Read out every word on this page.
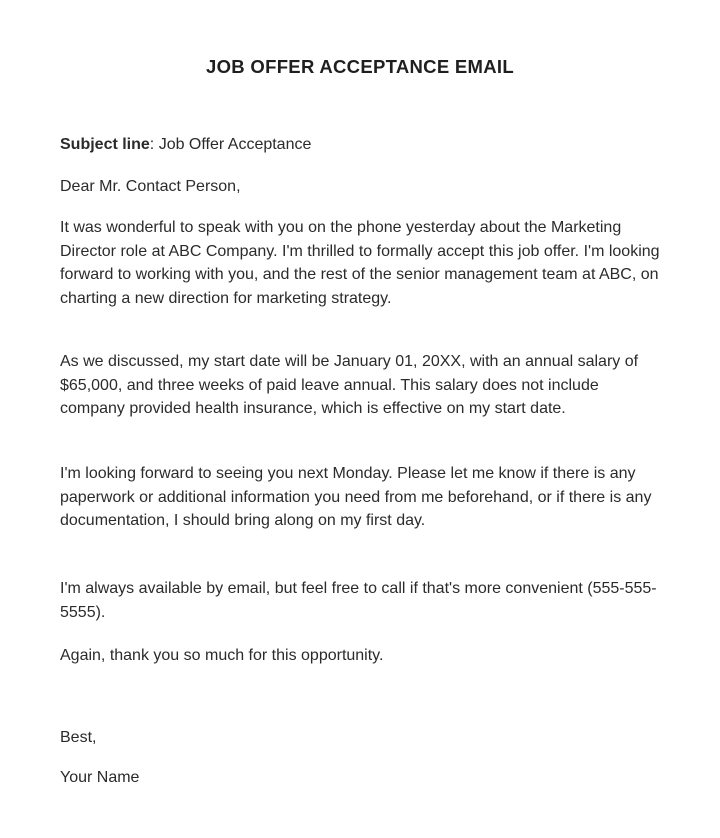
JOB OFFER ACCEPTANCE EMAIL
Subject line: Job Offer Acceptance
Dear Mr. Contact Person,

It was wonderful to speak with you on the phone yesterday about the Marketing Director role at ABC Company. I'm thrilled to formally accept this job offer. I'm looking forward to working with you, and the rest of the senior management team at ABC, on charting a new direction for marketing strategy.

As we discussed, my start date will be January 01, 20XX, with an annual salary of $65,000, and three weeks of paid leave annual. This salary does not include company provided health insurance, which is effective on my start date.

I'm looking forward to seeing you next Monday. Please let me know if there is any paperwork or additional information you need from me beforehand, or if there is any documentation, I should bring along on my first day.

I'm always available by email, but feel free to call if that's more convenient (555-555-5555).

Again, thank you so much for this opportunity.

Best,
Your Name
